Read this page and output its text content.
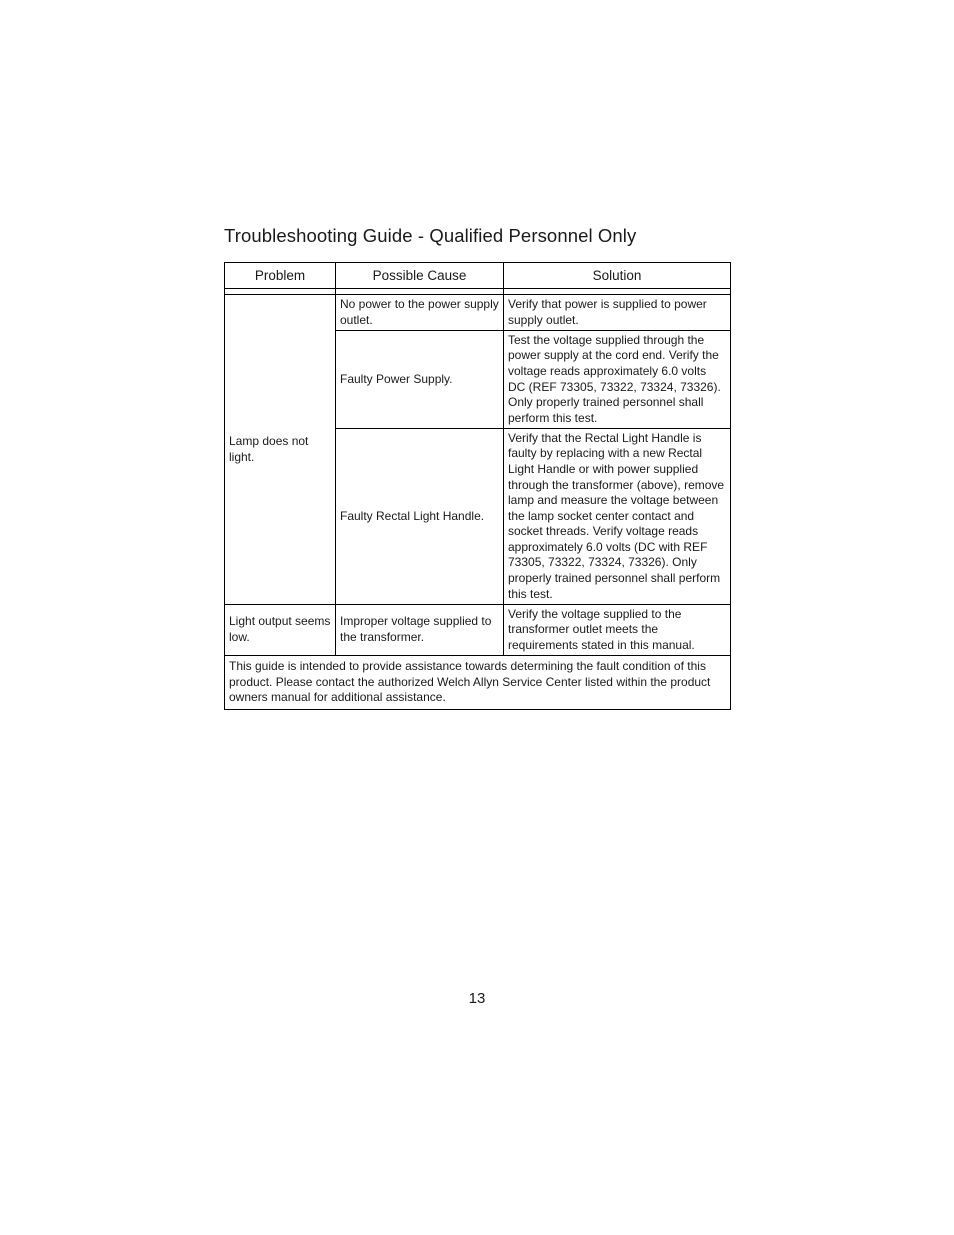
Troubleshooting Guide - Qualified Personnel Only
Problem	Possible Cause	Solution

Lamp does not light.	No power to the power supply outlet.	Verify that power is supplied to power supply outlet.
	Faulty Power Supply.	Test the voltage supplied through the power supply at the cord end. Verify the voltage reads approximately 6.0 volts DC (REF 73305, 73322, 73324, 73326). Only properly trained personnel shall perform this test.
	Faulty Rectal Light Handle.	Verify that the Rectal Light Handle is faulty by replacing with a new Rectal Light Handle or with power supplied through the transformer (above), remove lamp and measure the voltage between the lamp socket center contact and socket threads. Verify voltage reads approximately 6.0 volts (DC with REF 73305, 73322, 73324, 73326). Only properly trained personnel shall perform this test.
Light output seems low.	Improper voltage supplied to the transformer.	Verify the voltage supplied to the transformer outlet meets the requirements stated in this manual.
This guide is intended to provide assistance towards determining the fault condition of this product. Please contact the authorized Welch Allyn Service Center listed within the product owners manual for additional assistance.		
13
